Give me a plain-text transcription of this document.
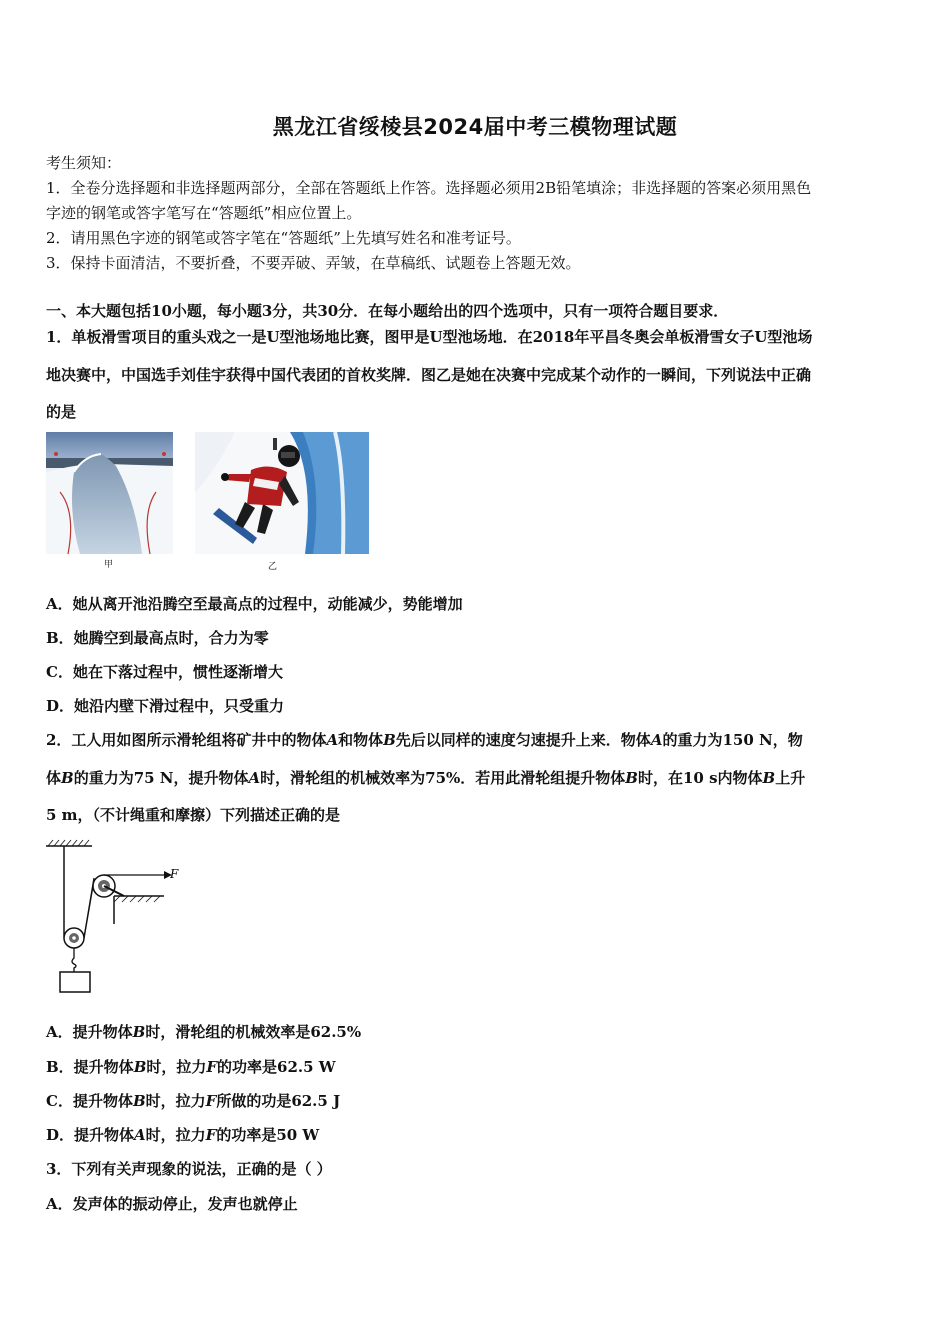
黑龙江省绥棱县2024届中考三模物理试题
考生须知：
1．全卷分选择题和非选择题两部分，全部在答题纸上作答。选择题必须用2B铅笔填涂；非选择题的答案必须用黑色
字迹的钢笔或答字笔写在“答题纸”相应位置上。
2．请用黑色字迹的钢笔或答字笔在“答题纸”上先填写姓名和准考证号。
3．保持卡面清洁，不要折叠，不要弄破、弄皱，在草稿纸、试题卷上答题无效。
一、本大题包括10小题，每小题3分，共30分．在每小题给出的四个选项中，只有一项符合题目要求．
1．单板滑雪项目的重头戏之一是U型池场地比赛，图甲是U型池场地．在2018年平昌冬奥会单板滑雪女子U型池场
地决赛中，中国选手刘佳宇获得中国代表团的首枚奖牌．图乙是她在决赛中完成某个动作的一瞬间，下列说法中正确
的是
甲	乙
A．她从离开池沿腾空至最高点的过程中，动能减少，势能增加
B．她腾空到最高点时，合力为零
C．她在下落过程中，惯性逐渐增大
D．她沿内壁下滑过程中，只受重力
2．工人用如图所示滑轮组将矿井中的物体A和物体B先后以同样的速度匀速提升上来．物体A的重力为150 N，物
体B的重力为75 N，提升物体A时，滑轮组的机械效率为75%．若用此滑轮组提升物体B时，在10 s内物体B上升
5 m，（不计绳重和摩擦）下列描述正确的是
F
A．提升物体B时，滑轮组的机械效率是62.5%
B．提升物体B时，拉力F的功率是62.5 W
C．提升物体B时，拉力F所做的功是62.5 J
D．提升物体A时，拉力F的功率是50 W
3．下列有关声现象的说法，正确的是（ ）
A．发声体的振动停止，发声也就停止
